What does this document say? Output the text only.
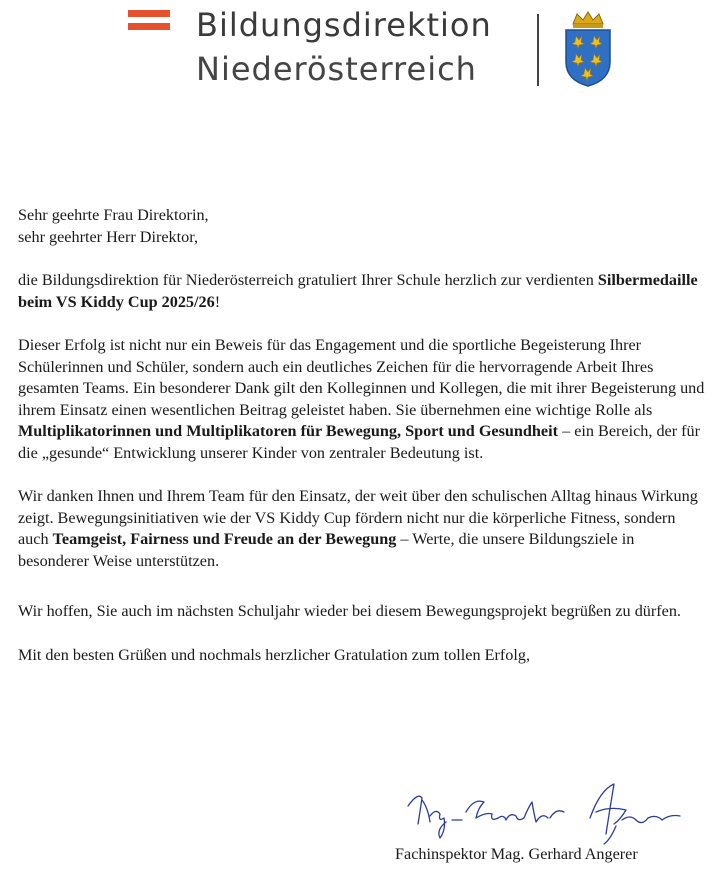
Bildungsdirektion
Niederösterreich

Sehr geehrte Frau Direktorin,

sehr geehrter Herr Direktor,

die Bildungsdirektion für Niederösterreich gratuliert Ihrer Schule herzlich zur verdienten Silbermedaille beim VS Kiddy Cup 2025/26!

Dieser Erfolg ist nicht nur ein Beweis für das Engagement und die sportliche Begeisterung Ihrer Schülerinnen und Schüler, sondern auch ein deutliches Zeichen für die hervorragende Arbeit Ihres gesamten Teams. Ein besonderer Dank gilt den Kolleginnen und Kollegen, die mit ihrer Begeisterung und ihrem Einsatz einen wesentlichen Beitrag geleistet haben. Sie übernehmen eine wichtige Rolle als Multiplikatorinnen und Multiplikatoren für Bewegung, Sport und Gesundheit – ein Bereich, der für die „gesunde“ Entwicklung unserer Kinder von zentraler Bedeutung ist.

Wir danken Ihnen und Ihrem Team für den Einsatz, der weit über den schulischen Alltag hinaus Wirkung zeigt. Bewegungsinitiativen wie der VS Kiddy Cup fördern nicht nur die körperliche Fitness, sondern auch Teamgeist, Fairness und Freude an der Bewegung – Werte, die unsere Bildungsziele in besonderer Weise unterstützen.

Wir hoffen, Sie auch im nächsten Schuljahr wieder bei diesem Bewegungsprojekt begrüßen zu dürfen.

Mit den besten Grüßen und nochmals herzlicher Gratulation zum tollen Erfolg,

Fachinspektor Mag. Gerhard Angerer
